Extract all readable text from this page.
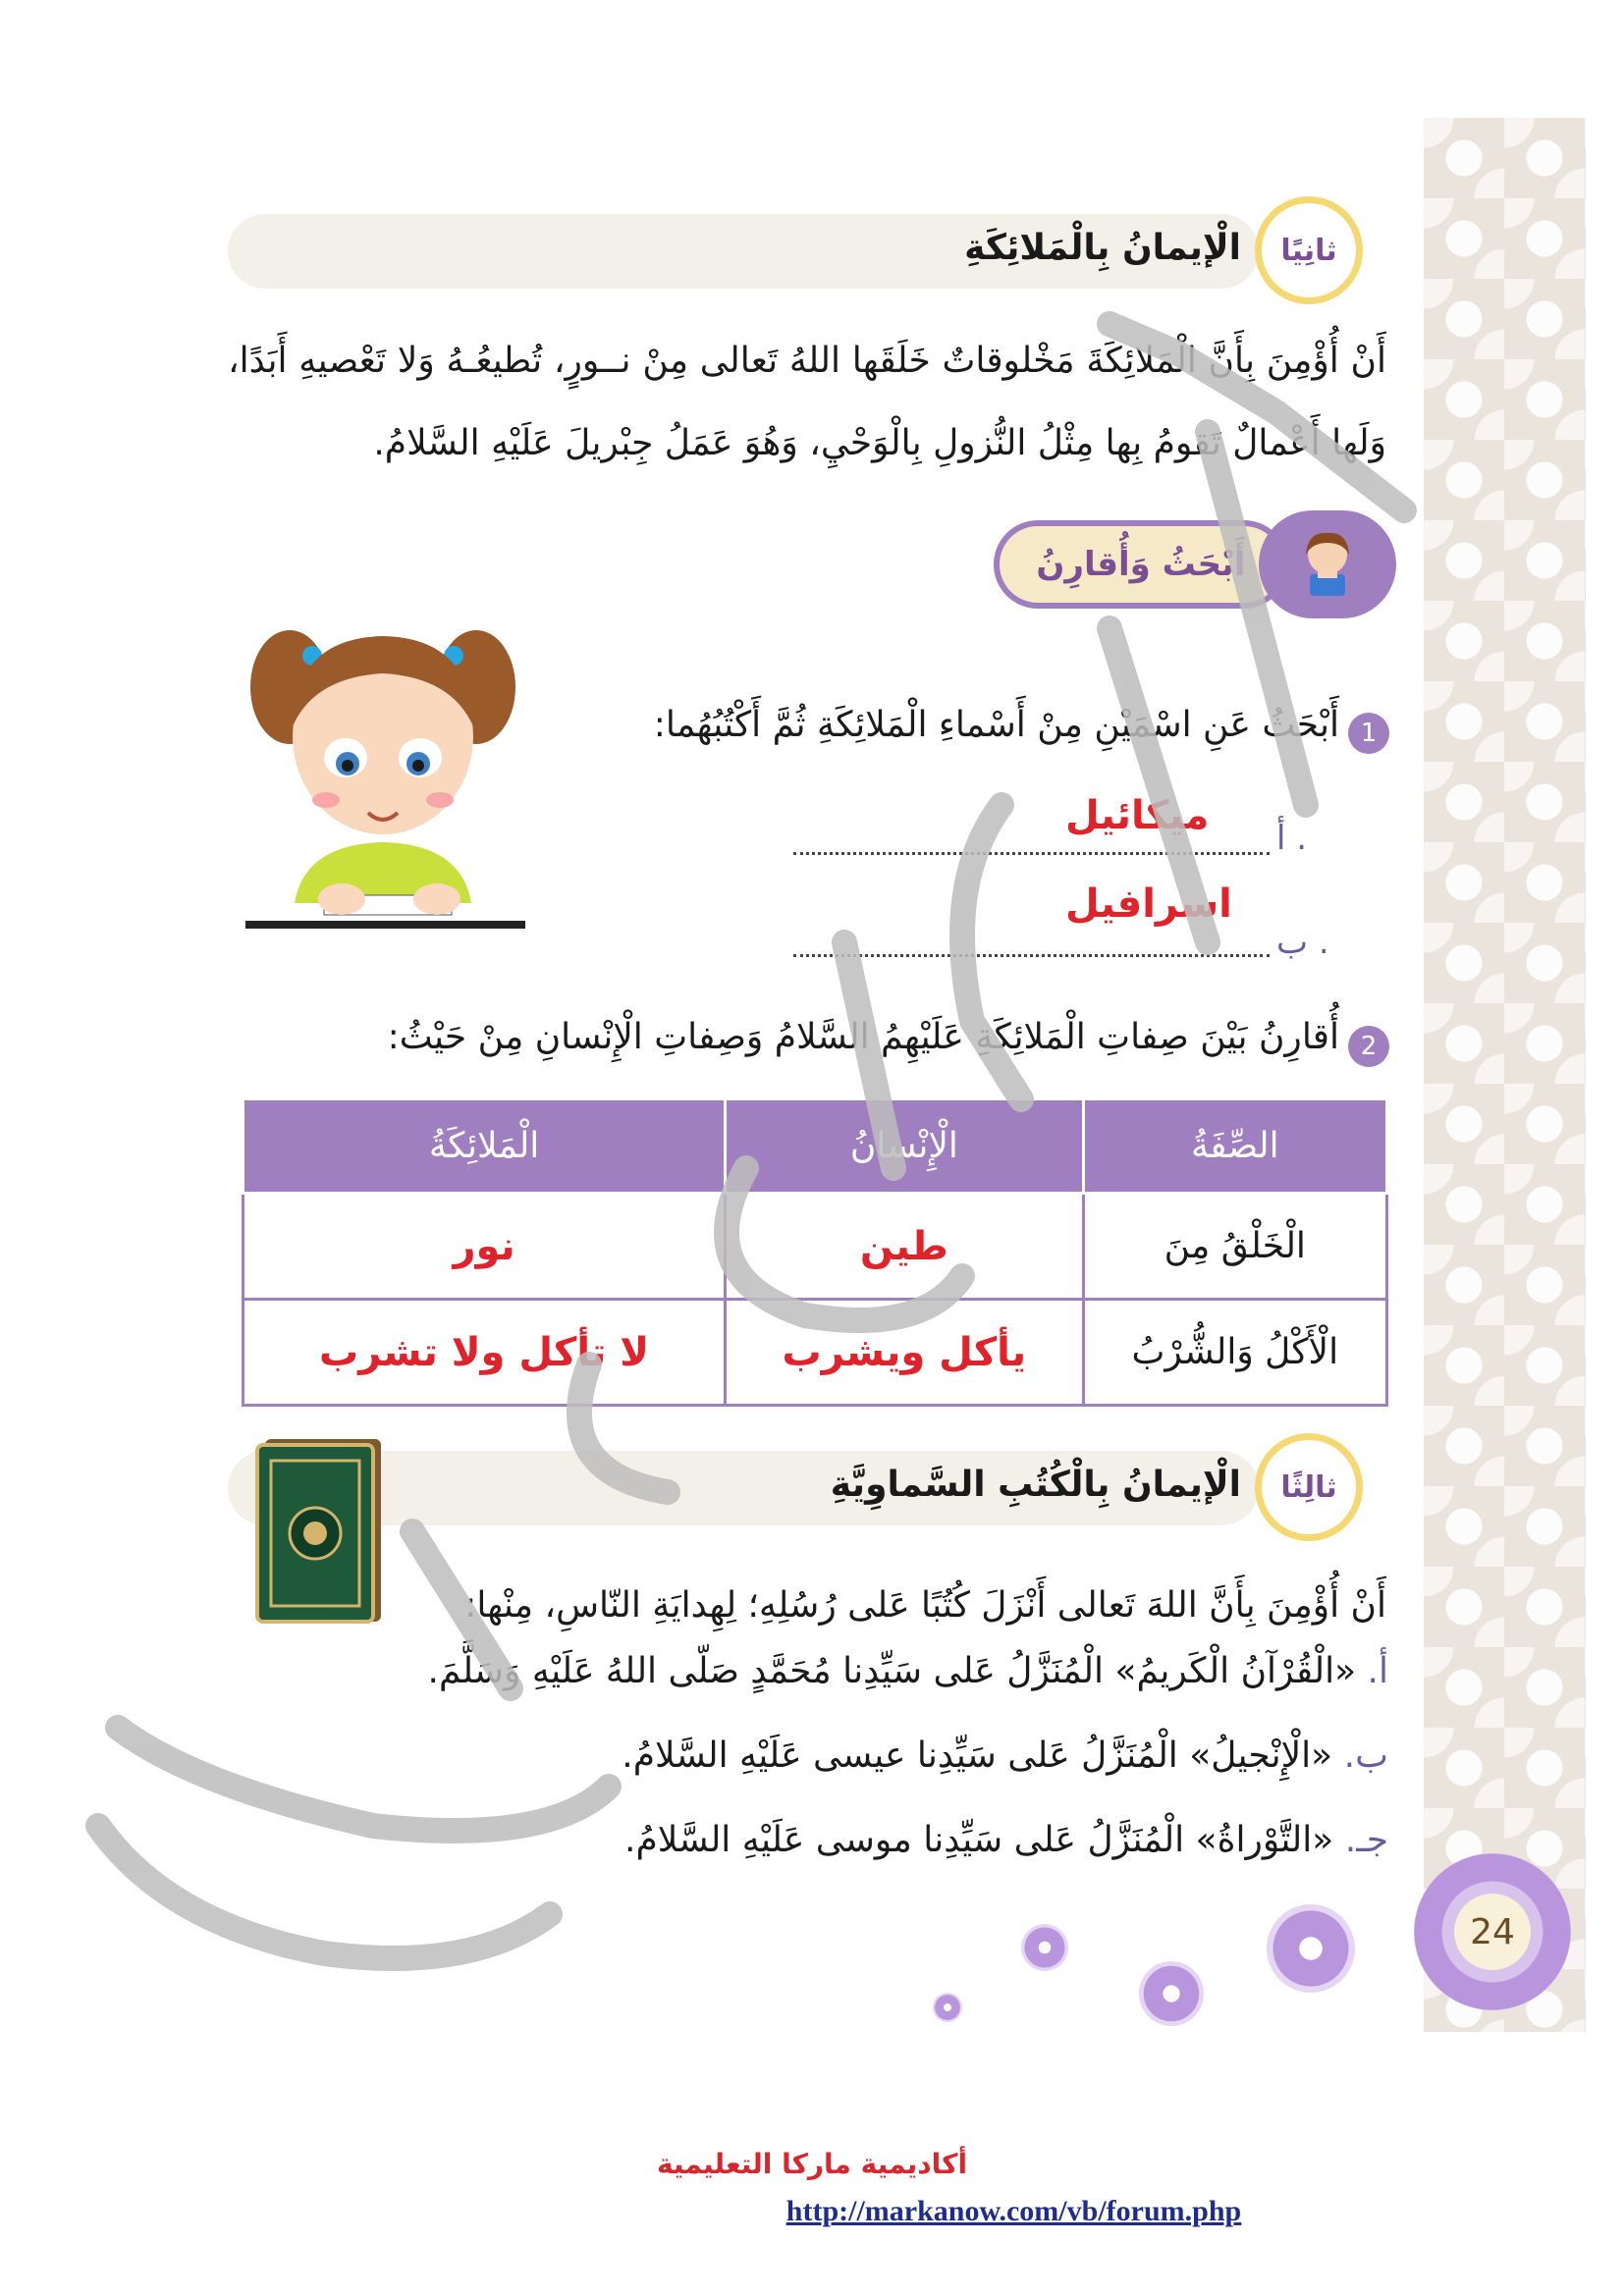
ثانِيًا
الْإيمانُ بِالْمَلائِكَةِ

أَنْ أُؤْمِنَ بِأَنَّ الْمَلائِكَةَ مَخْلوقاتٌ خَلَقَها اللهُ تَعالى مِنْ نــورٍ، تُطيعُـهُ وَلا تَعْصيهِ أَبَدًا، وَلَها أَعْمالٌ تَقومُ بِها مِثْلُ النُّزولِ بِالْوَحْيِ، وَهُوَ عَمَلُ جِبْريلَ عَلَيْهِ السَّلامُ.

أَبْحَثُ وَأُقارِنُ
1
أَبْحَثُ عَنِ اسْمَيْنِ مِنْ أَسْماءِ الْمَلائِكَةِ ثُمَّ أَكْتُبُهُما:
أ .
ميكائيل
ب .
اسرافيل
2
أُقارِنُ بَيْنَ صِفاتِ الْمَلائِكَةِ عَلَيْهِمُ السَّلامُ وَصِفاتِ الْإِنْسانِ مِنْ حَيْثُ:
الصِّفَةُ	الْإِنْسانُ	الْمَلائِكَةُ
الْخَلْقُ مِنَ	طين	نور
الْأَكْلُ وَالشُّرْبُ	يأكل ويشرب	لا تأكل ولا تشرب
ثالِثًا
الْإيمانُ بِالْكُتُبِ السَّماوِيَّةِ

أَنْ أُؤْمِنَ بِأَنَّ اللهَ تَعالى أَنْزَلَ كُتُبًا عَلى رُسُلِهِ؛ لِهِدايَةِ النّاسِ، مِنْها:

أ. «الْقُرْآنُ الْكَريمُ» الْمُنَزَّلُ عَلى سَيِّدِنا مُحَمَّدٍ صَلّى اللهُ عَلَيْهِ وَسَلَّمَ.
ب. «الْإِنْجيلُ» الْمُنَزَّلُ عَلى سَيِّدِنا عيسى عَلَيْهِ السَّلامُ.
جـ. «التَّوْراةُ» الْمُنَزَّلُ عَلى سَيِّدِنا موسى عَلَيْهِ السَّلامُ.
24
أكاديمية ماركا التعليمية
http://markanow.com/vb/forum.php
